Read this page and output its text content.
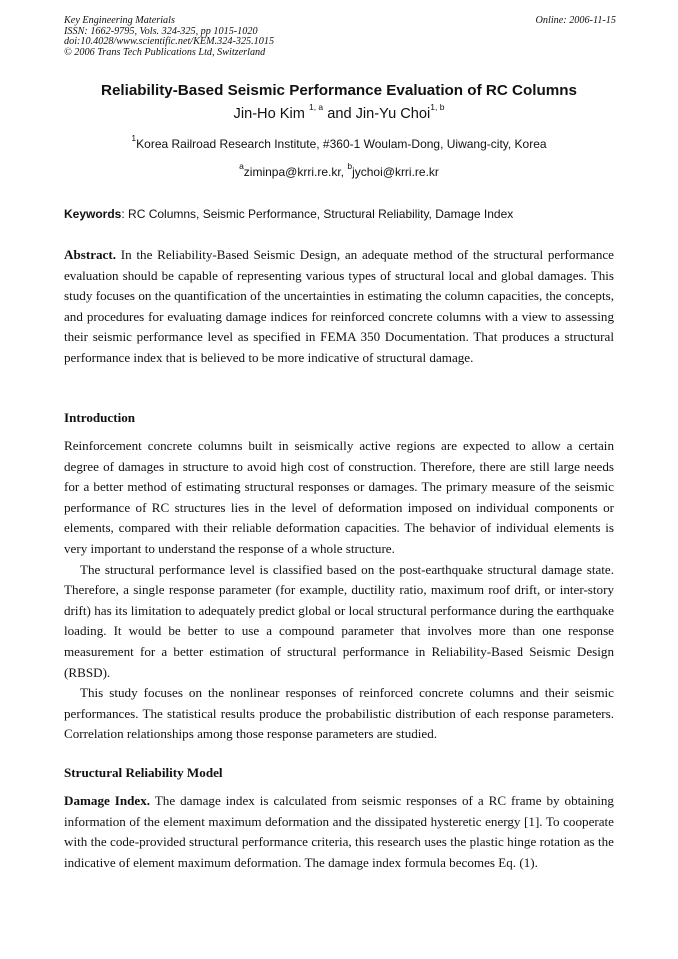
Key Engineering Materials
ISSN: 1662-9795, Vols. 324-325, pp 1015-1020
doi:10.4028/www.scientific.net/KEM.324-325.1015
© 2006 Trans Tech Publications Ltd, Switzerland
Online: 2006-11-15
Reliability-Based Seismic Performance Evaluation of RC Columns
Jin-Ho Kim $^{1, a}$ and Jin-Yu Choi$^{1, b}$
$^1$Korea Railroad Research Institute, #360-1 Woulam-Dong, Uiwang-city, Korea
$^a$ziminpa@krri.re.kr, $^b$jychoi@krri.re.kr
Keywords: RC Columns, Seismic Performance, Structural Reliability, Damage Index

Abstract. In the Reliability-Based Seismic Design, an adequate method of the structural performance evaluation should be capable of representing various types of structural local and global damages. This study focuses on the quantification of the uncertainties in estimating the column capacities, the concepts, and procedures for evaluating damage indices for reinforced concrete columns with a view to assessing their seismic performance level as specified in FEMA 350 Documentation. That produces a structural performance index that is believed to be more indicative of structural damage.

Introduction

Reinforcement concrete columns built in seismically active regions are expected to allow a certain degree of damages in structure to avoid high cost of construction. Therefore, there are still large needs for a better method of estimating structural responses or damages. The primary measure of the seismic performance of RC structures lies in the level of deformation imposed on individual components or elements, compared with their reliable deformation capacities. The behavior of individual elements is very important to understand the response of a whole structure.

The structural performance level is classified based on the post-earthquake structural damage state. Therefore, a single response parameter (for example, ductility ratio, maximum roof drift, or inter-story drift) has its limitation to adequately predict global or local structural performance during the earthquake loading. It would be better to use a compound parameter that involves more than one response measurement for a better estimation of structural performance in Reliability-Based Seismic Design (RBSD).

This study focuses on the nonlinear responses of reinforced concrete columns and their seismic performances. The statistical results produce the probabilistic distribution of each response parameters. Correlation relationships among those response parameters are studied.

Structural Reliability Model

Damage Index. The damage index is calculated from seismic responses of a RC frame by obtaining information of the element maximum deformation and the dissipated hysteretic energy [1]. To cooperate with the code-provided structural performance criteria, this research uses the plastic hinge rotation as the indicative of element maximum deformation. The damage index formula becomes Eq. (1).
